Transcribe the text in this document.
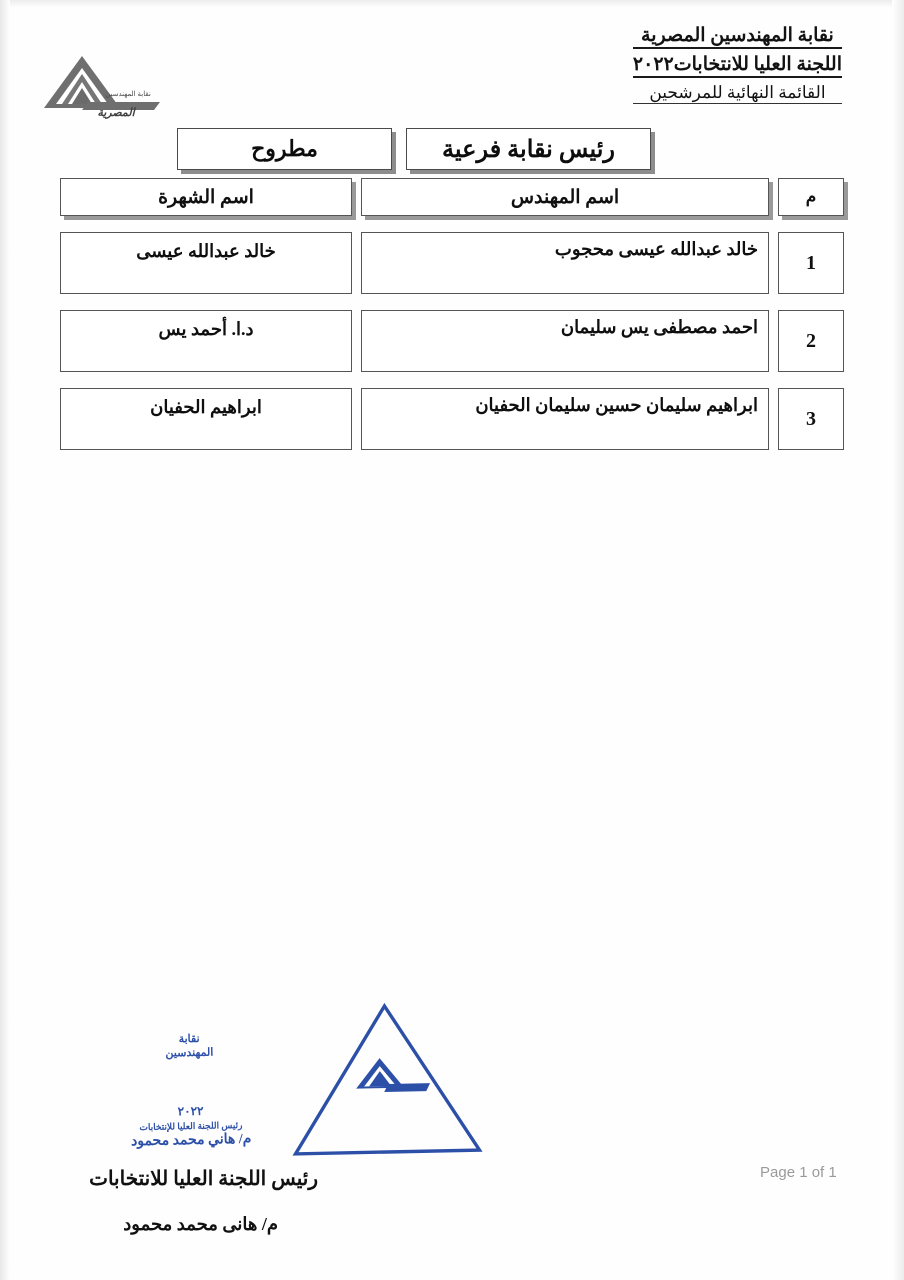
نقابة المهندسين
المصرية
نقابة المهندسين المصرية
اللجنة العليا للانتخابات٢٠٢٢
القائمة النهائية للمرشحين
رئيس نقابة فرعية
مطروح
م
اسم المهندس
اسم الشهرة
1
خالد عبدالله عيسى محجوب
خالد عبدالله عيسى
2
احمد مصطفى يس سليمان
د.ا. أحمد يس
3
ابراهيم سليمان حسين سليمان الحفيان
ابراهيم الحفيان
نقابة
المهندسين
٢٠٢٢
رئيس اللجنة العليا للإنتخابات
م/ هاني محمد محمود
رئيس اللجنة العليا للانتخابات
م/ هانى محمد محمود
Page 1 of 1
